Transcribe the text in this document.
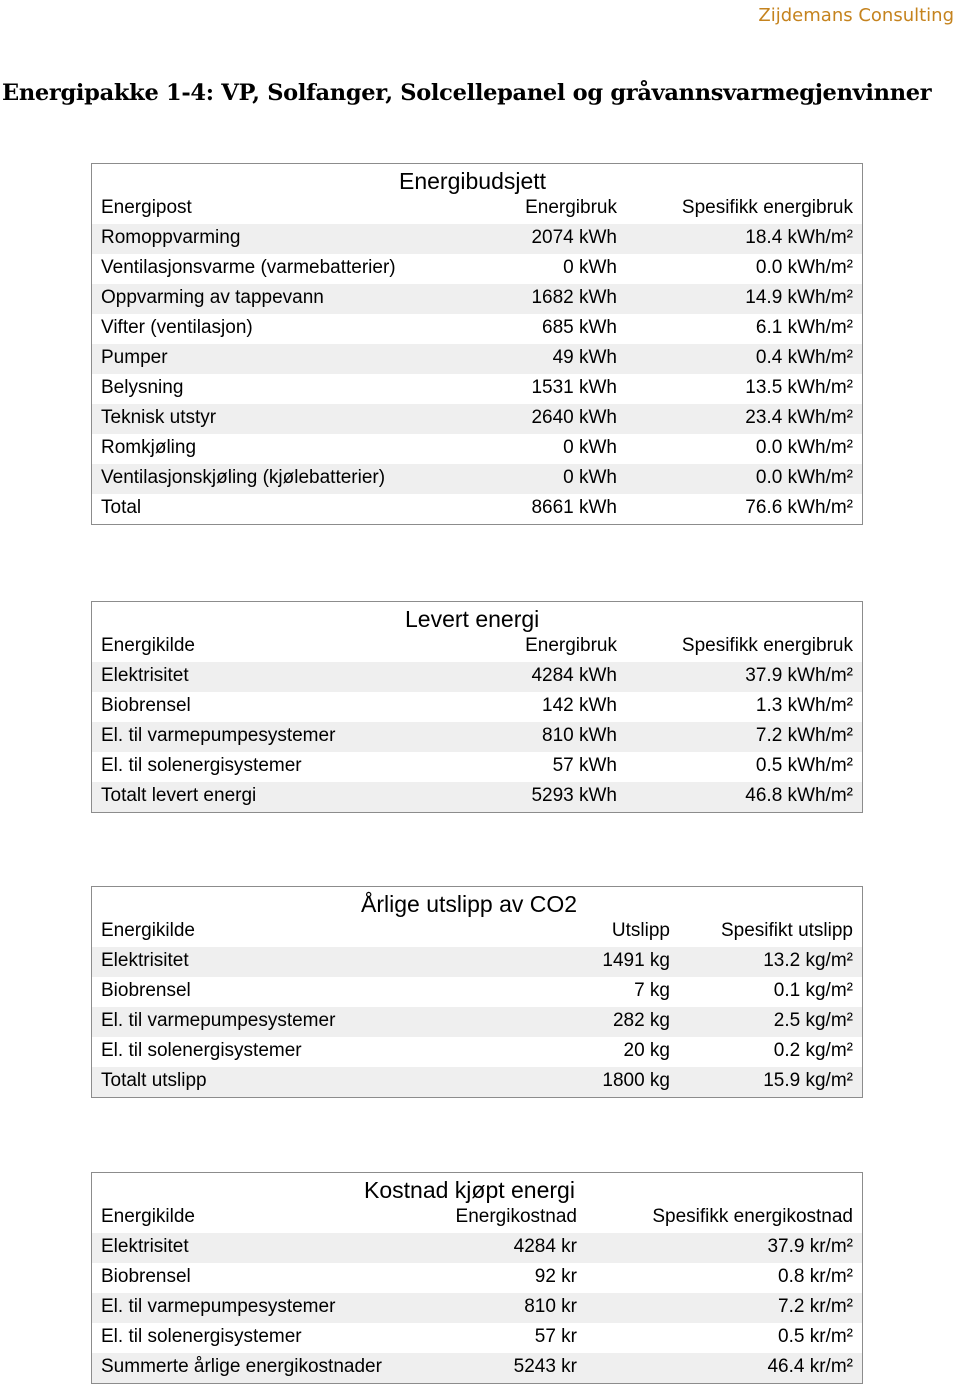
Zijdemans Consulting
Energipakke 1-4: VP, Solfanger, Solcellepanel og gråvannsvarmegjenvinner
Energibudsjett
Energipost	Energibruk	Spesifikk energibruk
Romoppvarming	2074 kWh	18.4 kWh/m²
Ventilasjonsvarme (varmebatterier)	0 kWh	0.0 kWh/m²
Oppvarming av tappevann	1682 kWh	14.9 kWh/m²
Vifter (ventilasjon)	685 kWh	6.1 kWh/m²
Pumper	49 kWh	0.4 kWh/m²
Belysning	1531 kWh	13.5 kWh/m²
Teknisk utstyr	2640 kWh	23.4 kWh/m²
Romkjøling	0 kWh	0.0 kWh/m²
Ventilasjonskjøling (kjølebatterier)	0 kWh	0.0 kWh/m²
Total	8661 kWh	76.6 kWh/m²
Levert energi
Energikilde	Energibruk	Spesifikk energibruk
Elektrisitet	4284 kWh	37.9 kWh/m²
Biobrensel	142 kWh	1.3 kWh/m²
El. til varmepumpesystemer	810 kWh	7.2 kWh/m²
El. til solenergisystemer	57 kWh	0.5 kWh/m²
Totalt levert energi	5293 kWh	46.8 kWh/m²
Årlige utslipp av CO2
Energikilde	Utslipp	Spesifikt utslipp
Elektrisitet	1491 kg	13.2 kg/m²
Biobrensel	7 kg	0.1 kg/m²
El. til varmepumpesystemer	282 kg	2.5 kg/m²
El. til solenergisystemer	20 kg	0.2 kg/m²
Totalt utslipp	1800 kg	15.9 kg/m²
Kostnad kjøpt energi
Energikilde	Energikostnad	Spesifikk energikostnad
Elektrisitet	4284 kr	37.9 kr/m²
Biobrensel	92 kr	0.8 kr/m²
El. til varmepumpesystemer	810 kr	7.2 kr/m²
El. til solenergisystemer	57 kr	0.5 kr/m²
Summerte årlige energikostnader	5243 kr	46.4 kr/m²
